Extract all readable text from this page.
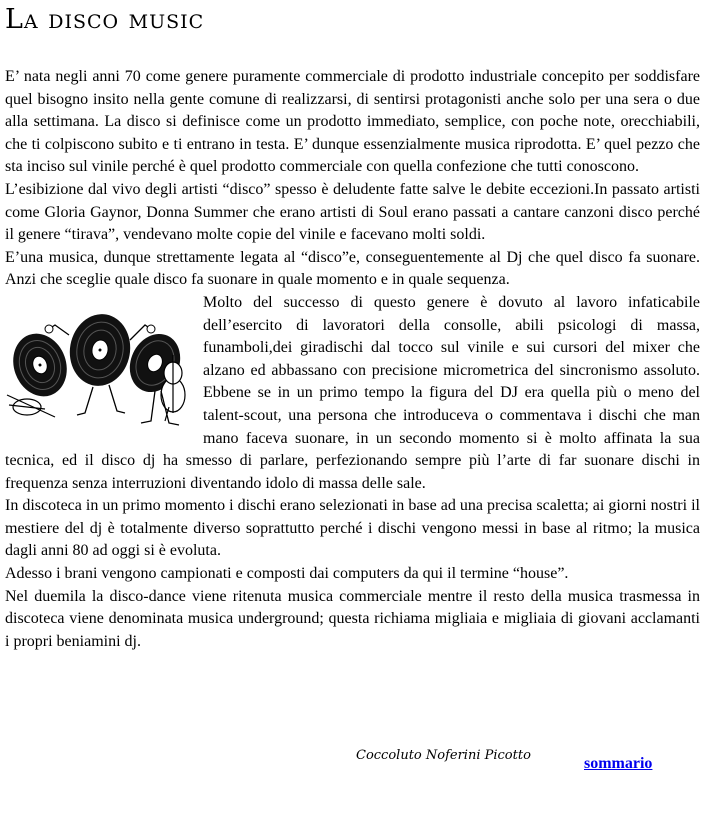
La disco music

E’ nata negli anni 70 come genere puramente commerciale di prodotto industriale concepito per soddisfare quel bisogno insito nella gente comune di realizzarsi, di sentirsi protagonisti anche solo per una sera o due alla settimana. La disco si definisce come un prodotto immediato, semplice, con poche note, orecchiabili, che ti colpiscono subito e ti entrano in testa. E’ dunque essenzialmente musica riprodotta. E’ quel pezzo che sta inciso sul vinile perché è quel prodotto commerciale con quella confezione che tutti conoscono.

L’esibizione dal vivo degli artisti “disco” spesso è deludente fatte salve le debite eccezioni.In passato artisti come Gloria Gaynor, Donna Summer che erano artisti di Soul erano passati a cantare canzoni disco perché il genere “tirava”, vendevano molte copie del vinile e facevano molti soldi.

E’una musica, dunque strettamente legata al “disco”e, conseguentemente al Dj che quel disco fa suonare. Anzi che sceglie quale disco fa suonare in quale momento e in quale sequenza.

Molto del successo di questo genere è dovuto al lavoro infaticabile dell’esercito di lavoratori della consolle, abili psicologi di massa, funamboli,dei giradischi dal tocco sul vinile e sui cursori del mixer che alzano ed abbassano con precisione micrometrica del sincronismo assoluto. Ebbene se in un primo tempo la figura del DJ era quella più o meno del talent-scout, una persona che introduceva o commentava i dischi che man mano faceva suonare, in un secondo momento si è molto affinata la sua tecnica, ed il disco dj ha smesso di parlare, perfezionando sempre più l’arte di far suonare dischi in frequenza senza interruzioni diventando idolo di massa delle sale.

In discoteca in un primo momento i dischi erano selezionati in base ad una precisa scaletta; ai giorni nostri il mestiere del dj è totalmente diverso soprattutto perché i dischi vengono messi in base al ritmo; la musica dagli anni 80 ad oggi si è evoluta.

Adesso i brani vengono campionati e composti dai computers da qui il termine “house”.

Nel duemila la disco-dance viene ritenuta musica commerciale mentre il resto della musica trasmessa in discoteca viene denominata musica underground; questa richiama migliaia e migliaia di giovani acclamanti i propri beniamini dj.

Coccoluto Noferini Picotto	sommario
